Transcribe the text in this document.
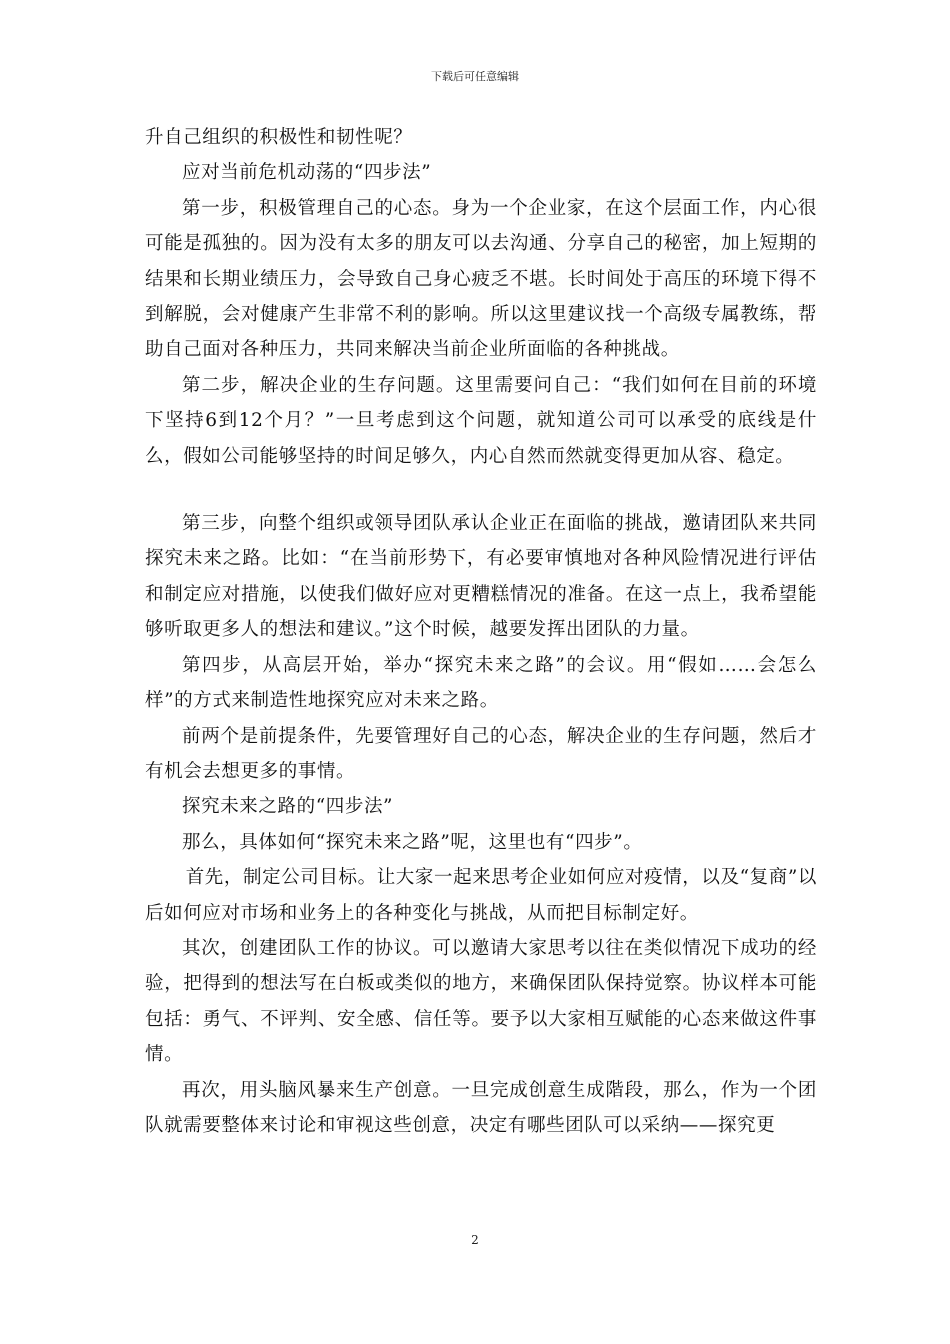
下载后可任意编辑

升自己组织的积极性和韧性呢？

应对当前危机动荡的“四步法”

第一步，积极管理自己的心态。身为一个企业家，在这个层面工作，内心很可能是孤独的。因为没有太多的朋友可以去沟通、分享自己的秘密，加上短期的结果和长期业绩压力，会导致自己身心疲乏不堪。长时间处于高压的环境下得不到解脱，会对健康产生非常不利的影响。所以这里建议找一个高级专属教练，帮助自己面对各种压力，共同来解决当前企业所面临的各种挑战。

第二步，解决企业的生存问题。这里需要问自己：“我们如何在目前的环境下坚持6到12个月？”一旦考虑到这个问题，就知道公司可以承受的底线是什么，假如公司能够坚持的时间足够久，内心自然而然就变得更加从容、稳定。

第三步，向整个组织或领导团队承认企业正在面临的挑战，邀请团队来共同探究未来之路。比如：“在当前形势下，有必要审慎地对各种风险情况进行评估和制定应对措施，以使我们做好应对更糟糕情况的准备。在这一点上，我希望能够听取更多人的想法和建议。”这个时候，越要发挥出团队的力量。

第四步，从高层开始，举办“探究未来之路”的会议。用“假如……会怎么样”的方式来制造性地探究应对未来之路。

前两个是前提条件，先要管理好自己的心态，解决企业的生存问题，然后才有机会去想更多的事情。

探究未来之路的“四步法”

那么，具体如何“探究未来之路”呢，这里也有“四步”。

首先，制定公司目标。让大家一起来思考企业如何应对疫情，以及“复商”以后如何应对市场和业务上的各种变化与挑战，从而把目标制定好。

其次，创建团队工作的协议。可以邀请大家思考以往在类似情况下成功的经验，把得到的想法写在白板或类似的地方，来确保团队保持觉察。协议样本可能包括：勇气、不评判、安全感、信任等。要予以大家相互赋能的心态来做这件事情。

再次，用头脑风暴来生产创意。一旦完成创意生成階段，那么，作为一个团队就需要整体来讨论和审视这些创意，决定有哪些团队可以采纳——探究更

2
